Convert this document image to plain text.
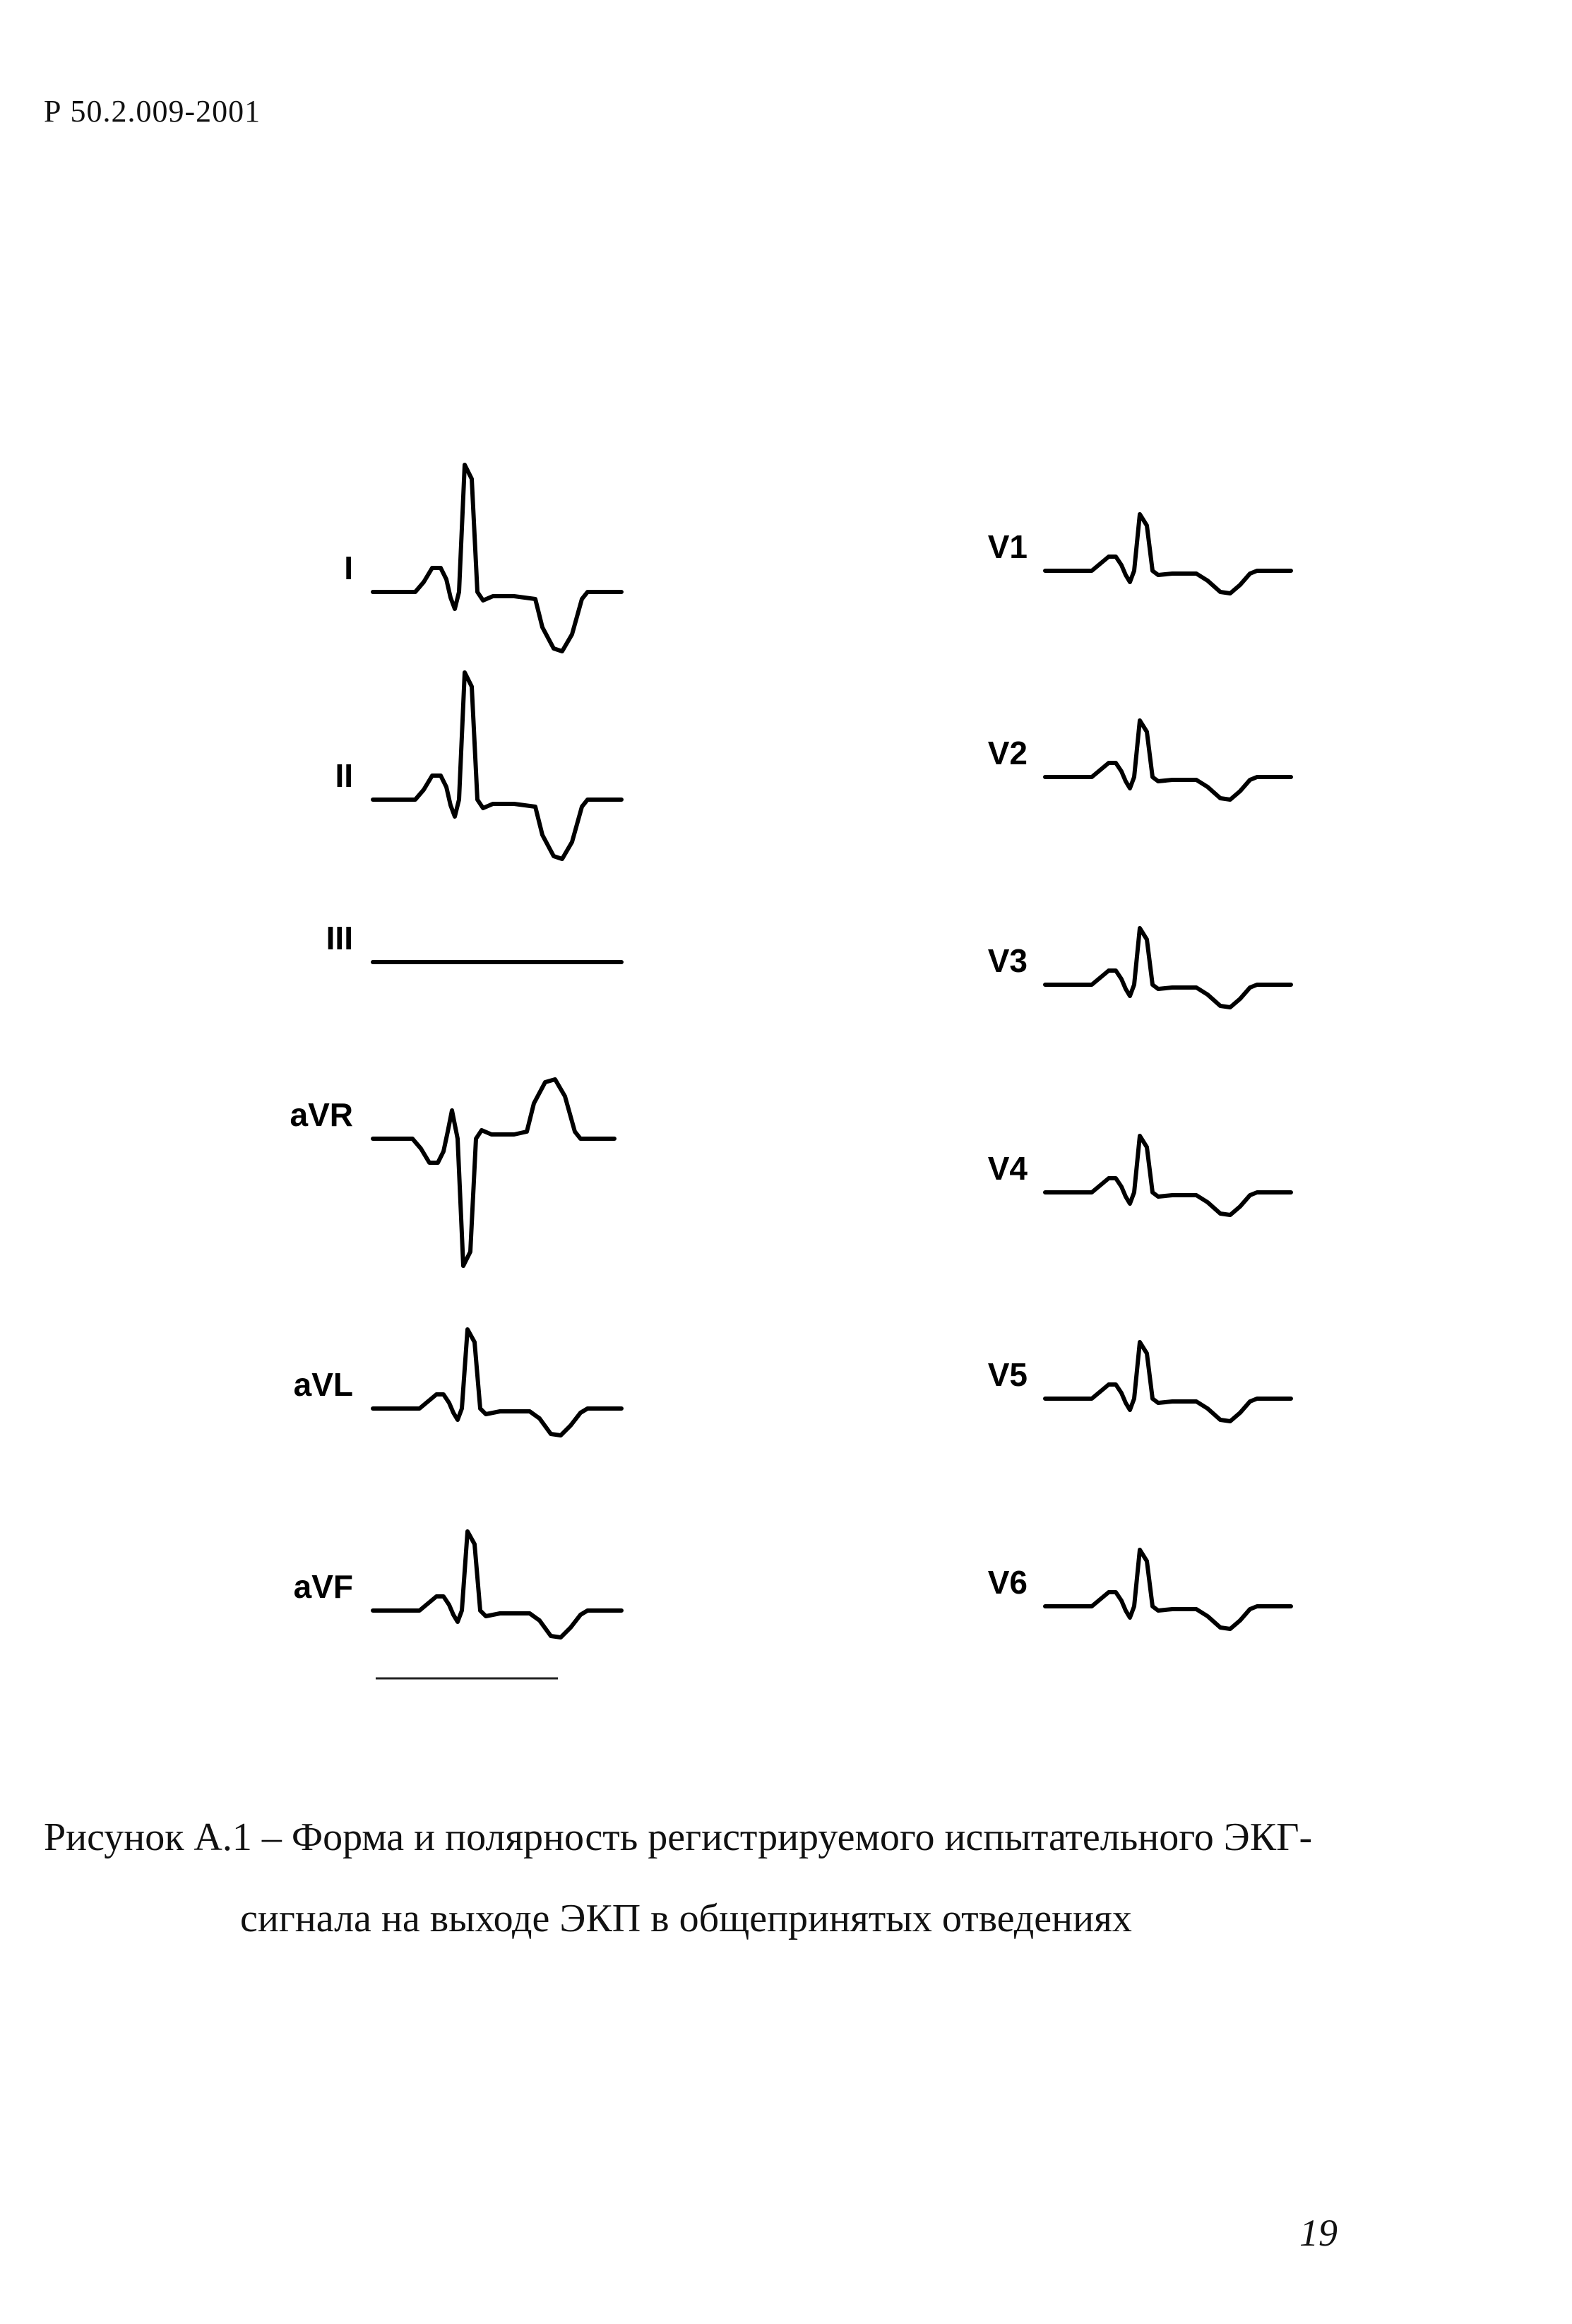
Р 50.2.009-2001
I
II
III
aVR
aVL
aVF
V1
V2
V3
V4
V5
V6
Рисунок А.1 – Форма и полярность регистрируемого испытательного ЭКГ-
сигнала на выходе ЭКП в общепринятых отведениях
19
